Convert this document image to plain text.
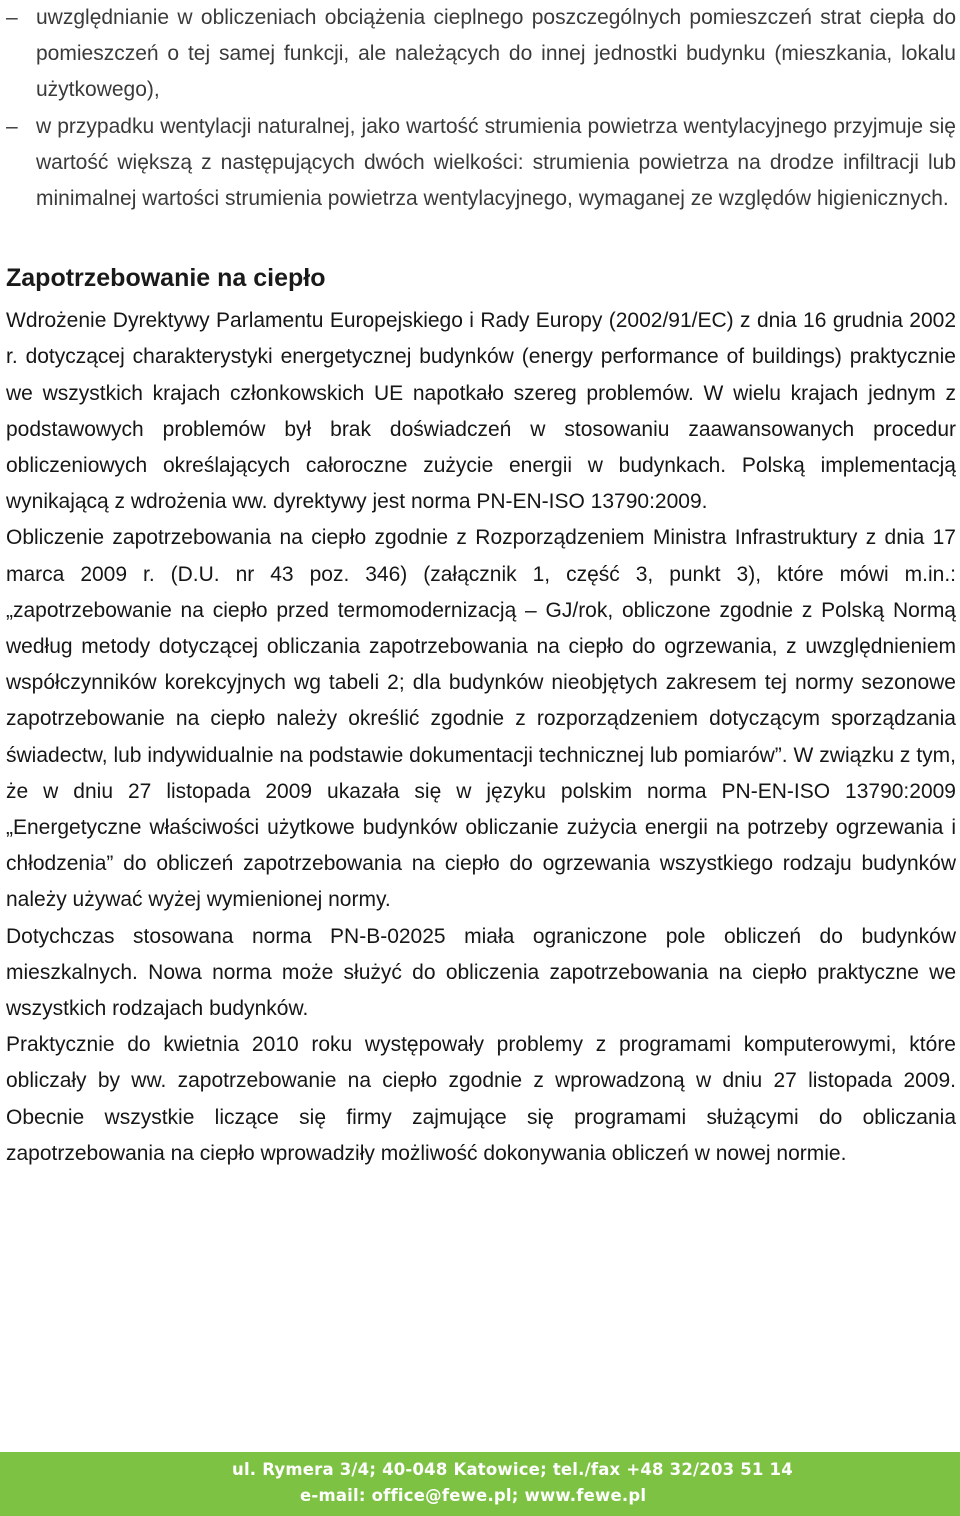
– uwzględnianie w obliczeniach obciążenia cieplnego poszczególnych pomieszczeń strat ciepła do pomieszczeń o tej samej funkcji, ale należących do innej jednostki budynku (mieszkania, lokalu użytkowego),
– w przypadku wentylacji naturalnej, jako wartość strumienia powietrza wentylacyjnego przyjmuje się wartość większą z następujących dwóch wielkości: strumienia powietrza na drodze infiltracji lub minimalnej wartości strumienia powietrza wentylacyjnego, wymaganej ze względów higienicznych.
Zapotrzebowanie na ciepło

Wdrożenie Dyrektywy Parlamentu Europejskiego i Rady Europy (2002/91/EC) z dnia 16 grudnia 2002 r. dotyczącej charakterystyki energetycznej budynków (energy performance of buildings) praktycznie we wszystkich krajach członkowskich UE napotkało szereg problemów. W wielu krajach jednym z podstawowych problemów był brak doświadczeń w stosowaniu zaawansowanych procedur obliczeniowych określających całoroczne zużycie energii w budynkach. Polską implementacją wynikającą z wdrożenia ww. dyrektywy jest norma PN-EN-ISO 13790:2009.

Obliczenie zapotrzebowania na ciepło zgodnie z Rozporządzeniem Ministra Infrastruktury z dnia 17 marca 2009 r. (D.U. nr 43 poz. 346) (załącznik 1, część 3, punkt 3), które mówi m.in.: „zapotrzebowanie na ciepło przed termomodernizacją – GJ/rok, obliczone zgodnie z Polską Normą według metody dotyczącej obliczania zapotrzebowania na ciepło do ogrzewania, z uwzględnieniem współczynników korekcyjnych wg tabeli 2; dla budynków nieobjętych zakresem tej normy sezonowe zapotrzebowanie na ciepło należy określić zgodnie z rozporządzeniem dotyczącym sporządzania świadectw, lub indywidualnie na podstawie dokumentacji technicznej lub pomiarów”. W związku z tym, że w dniu 27 listopada 2009 ukazała się w języku polskim norma PN-EN-ISO 13790:2009 „Energetyczne właściwości użytkowe budynków obliczanie zużycia energii na potrzeby ogrzewania i chłodzenia” do obliczeń zapotrzebowania na ciepło do ogrzewania wszystkiego rodzaju budynków należy używać wyżej wymienionej normy.

Dotychczas stosowana norma PN-B-02025 miała ograniczone pole obliczeń do budynków mieszkalnych. Nowa norma może służyć do obliczenia zapotrzebowania na ciepło praktyczne we wszystkich rodzajach budynków.

Praktycznie do kwietnia 2010 roku występowały problemy z programami komputerowymi, które obliczały by ww. zapotrzebowanie na ciepło zgodnie z wprowadzoną w dniu 27 listopada 2009. Obecnie wszystkie liczące się firmy zajmujące się programami służącymi do obliczania zapotrzebowania na ciepło wprowadziły możliwość dokonywania obliczeń w nowej normie.

ul. Rymera 3/4; 40-048 Katowice; tel./fax +48 32/203 51 14
e-mail: office@fewe.pl; www.fewe.pl
